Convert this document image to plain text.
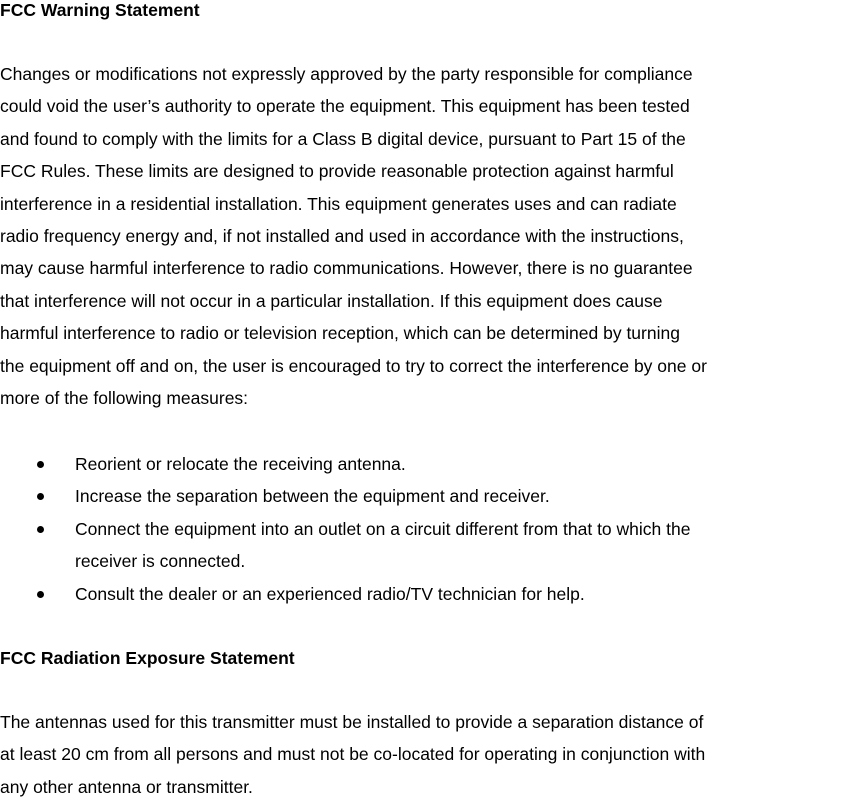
FCC Warning Statement
Changes or modifications not expressly approved by the party responsible for compliance
could void the user’s authority to operate the equipment. This equipment has been tested
and found to comply with the limits for a Class B digital device, pursuant to Part 15 of the
FCC Rules. These limits are designed to provide reasonable protection against harmful
interference in a residential installation. This equipment generates uses and can radiate
radio frequency energy and, if not installed and used in accordance with the instructions,
may cause harmful interference to radio communications. However, there is no guarantee
that interference will not occur in a particular installation. If this equipment does cause
harmful interference to radio or television reception, which can be determined by turning
the equipment off and on, the user is encouraged to try to correct the interference by one or
more of the following measures:
Reorient or relocate the receiving antenna.
Increase the separation between the equipment and receiver.
Connect the equipment into an outlet on a circuit different from that to which the
receiver is connected.
Consult the dealer or an experienced radio/TV technician for help.
FCC Radiation Exposure Statement
The antennas used for this transmitter must be installed to provide a separation distance of
at least 20 cm from all persons and must not be co-located for operating in conjunction with
any other antenna or transmitter.
